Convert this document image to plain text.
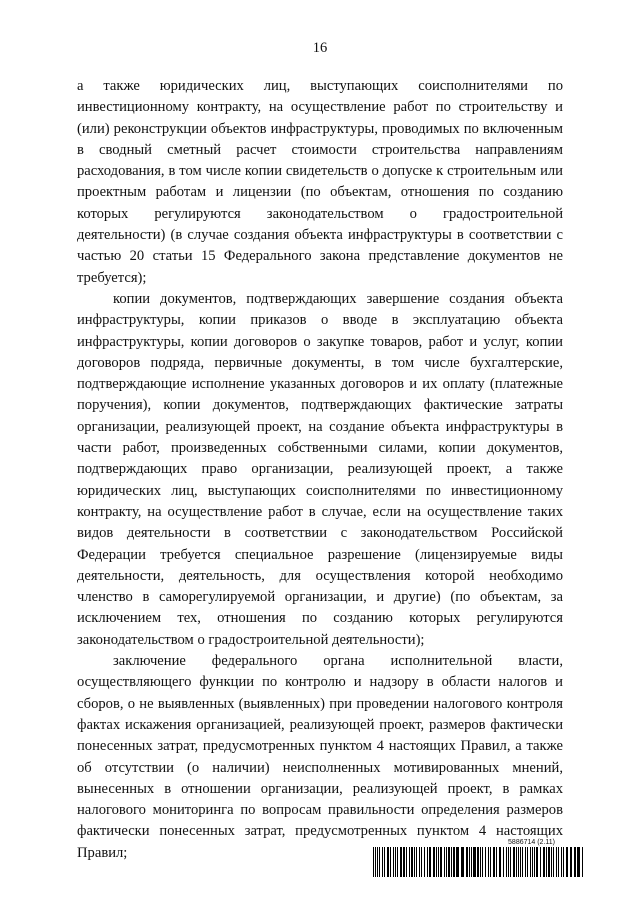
16

а также юридических лиц, выступающих соисполнителями по инвестиционному контракту, на осуществление работ по строительству и (или) реконструкции объектов инфраструктуры, проводимых по включенным в сводный сметный расчет стоимости строительства направлениям расходования, в том числе копии свидетельств о допуске к строительным или проектным работам и лицензии (по объектам, отношения по созданию которых регулируются законодательством о градостроительной деятельности) (в случае создания объекта инфраструктуры в соответствии с частью 20 статьи 15 Федерального закона представление документов не требуется);

копии документов, подтверждающих завершение создания объекта инфраструктуры, копии приказов о вводе в эксплуатацию объекта инфраструктуры, копии договоров о закупке товаров, работ и услуг, копии договоров подряда, первичные документы, в том числе бухгалтерские, подтверждающие исполнение указанных договоров и их оплату (платежные поручения), копии документов, подтверждающих фактические затраты организации, реализующей проект, на создание объекта инфраструктуры в части работ, произведенных собственными силами, копии документов, подтверждающих право организации, реализующей проект, а также юридических лиц, выступающих соисполнителями по инвестиционному контракту, на осуществление работ в случае, если на осуществление таких видов деятельности в соответствии с законодательством Российской Федерации требуется специальное разрешение (лицензируемые виды деятельности, деятельность, для осуществления которой необходимо членство в саморегулируемой организации, и другие) (по объектам, за исключением тех, отношения по созданию которых регулируются законодательством о градостроительной деятельности);

заключение федерального органа исполнительной власти, осуществляющего функции по контролю и надзору в области налогов и сборов, о не выявленных (выявленных) при проведении налогового контроля фактах искажения организацией, реализующей проект, размеров фактически понесенных затрат, предусмотренных пунктом 4 настоящих Правил, а также об отсутствии (о наличии) неисполненных мотивированных мнений, вынесенных в отношении организации, реализующей проект, в рамках налогового мониторинга по вопросам правильности определения размеров фактически понесенных затрат, предусмотренных пунктом 4 настоящих Правил;

5886714 (2.11)
